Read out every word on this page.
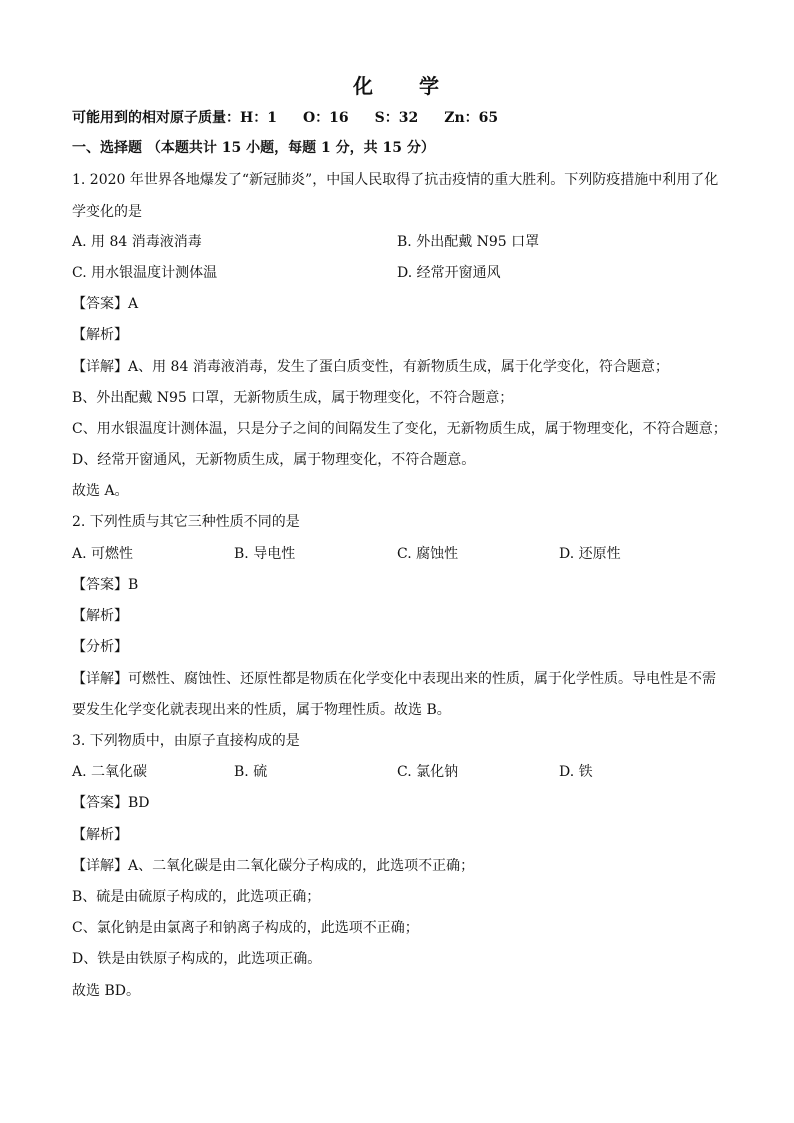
化 学
可能用到的相对原子质量：H：1 O：16 S：32 Zn：65
一、选择题 （本题共计 15 小题，每题 1 分，共 15 分）
1. 2020 年世界各地爆发了“新冠肺炎”，中国人民取得了抗击疫情的重大胜利。下列防疫措施中利用了化
学变化的是
A. 用 84 消毒液消毒	B. 外出配戴 N95 口罩
C. 用水银温度计测体温	D. 经常开窗通风
【答案】A
【解析】
【详解】A、用 84 消毒液消毒，发生了蛋白质变性，有新物质生成，属于化学变化，符合题意；
B、外出配戴 N95 口罩，无新物质生成，属于物理变化，不符合题意；
C、用水银温度计测体温，只是分子之间的间隔发生了变化，无新物质生成，属于物理变化，不符合题意；
D、经常开窗通风，无新物质生成，属于物理变化，不符合题意。
故选 A。
2. 下列性质与其它三种性质不同的是
A. 可燃性	B. 导电性	C. 腐蚀性	D. 还原性
【答案】B
【解析】
【分析】
【详解】可燃性、腐蚀性、还原性都是物质在化学变化中表现出来的性质，属于化学性质。导电性是不需
要发生化学变化就表现出来的性质，属于物理性质。故选 B。
3. 下列物质中，由原子直接构成的是
A. 二氧化碳	B. 硫	C. 氯化钠	D. 铁
【答案】BD
【解析】
【详解】A、二氧化碳是由二氧化碳分子构成的，此选项不正确；
B、硫是由硫原子构成的，此选项正确；
C、氯化钠是由氯离子和钠离子构成的，此选项不正确；
D、铁是由铁原子构成的，此选项正确。
故选 BD。
